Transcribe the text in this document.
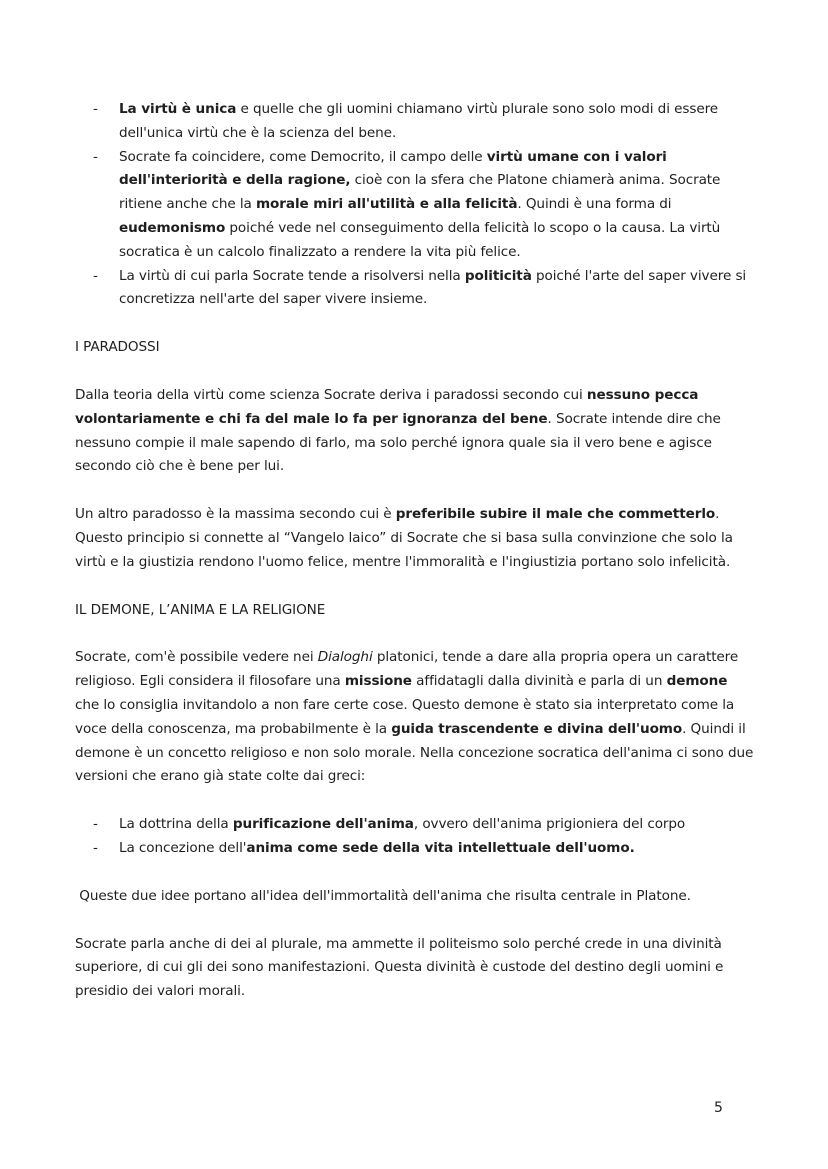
- La virtù è unica e quelle che gli uomini chiamano virtù plurale sono solo modi di essere dell'unica virtù che è la scienza del bene.
- Socrate fa coincidere, come Democrito, il campo delle virtù umane con i valori dell'interiorità e della ragione, cioè con la sfera che Platone chiamerà anima. Socrate ritiene anche che la morale miri all'utilità e alla felicità. Quindi è una forma di eudemonismo poiché vede nel conseguimento della felicità lo scopo o la causa. La virtù socratica è un calcolo finalizzato a rendere la vita più felice.
- La virtù di cui parla Socrate tende a risolversi nella politicità poiché l'arte del saper vivere si concretizza nell'arte del saper vivere insieme.

I PARADOSSI

Dalla teoria della virtù come scienza Socrate deriva i paradossi secondo cui nessuno pecca volontariamente e chi fa del male lo fa per ignoranza del bene. Socrate intende dire che nessuno compie il male sapendo di farlo, ma solo perché ignora quale sia il vero bene e agisce secondo ciò che è bene per lui.

Un altro paradosso è la massima secondo cui è preferibile subire il male che commetterlo. Questo principio si connette al “Vangelo laico” di Socrate che si basa sulla convinzione che solo la virtù e la giustizia rendono l'uomo felice, mentre l'immoralità e l'ingiustizia portano solo infelicità.

IL DEMONE, L’ANIMA E LA RELIGIONE

Socrate, com'è possibile vedere nei Dialoghi platonici, tende a dare alla propria opera un carattere religioso. Egli considera il filosofare una missione affidatagli dalla divinità e parla di un demone che lo consiglia invitandolo a non fare certe cose. Questo demone è stato sia interpretato come la voce della conoscenza, ma probabilmente è la guida trascendente e divina dell'uomo. Quindi il demone è un concetto religioso e non solo morale. Nella concezione socratica dell'anima ci sono due versioni che erano già state colte dai greci:

- La dottrina della purificazione dell'anima, ovvero dell'anima prigioniera del corpo
- La concezione dell'anima come sede della vita intellettuale dell'uomo.

Queste due idee portano all'idea dell'immortalità dell'anima che risulta centrale in Platone.

Socrate parla anche di dei al plurale, ma ammette il politeismo solo perché crede in una divinità superiore, di cui gli dei sono manifestazioni. Questa divinità è custode del destino degli uomini e presidio dei valori morali.

5
